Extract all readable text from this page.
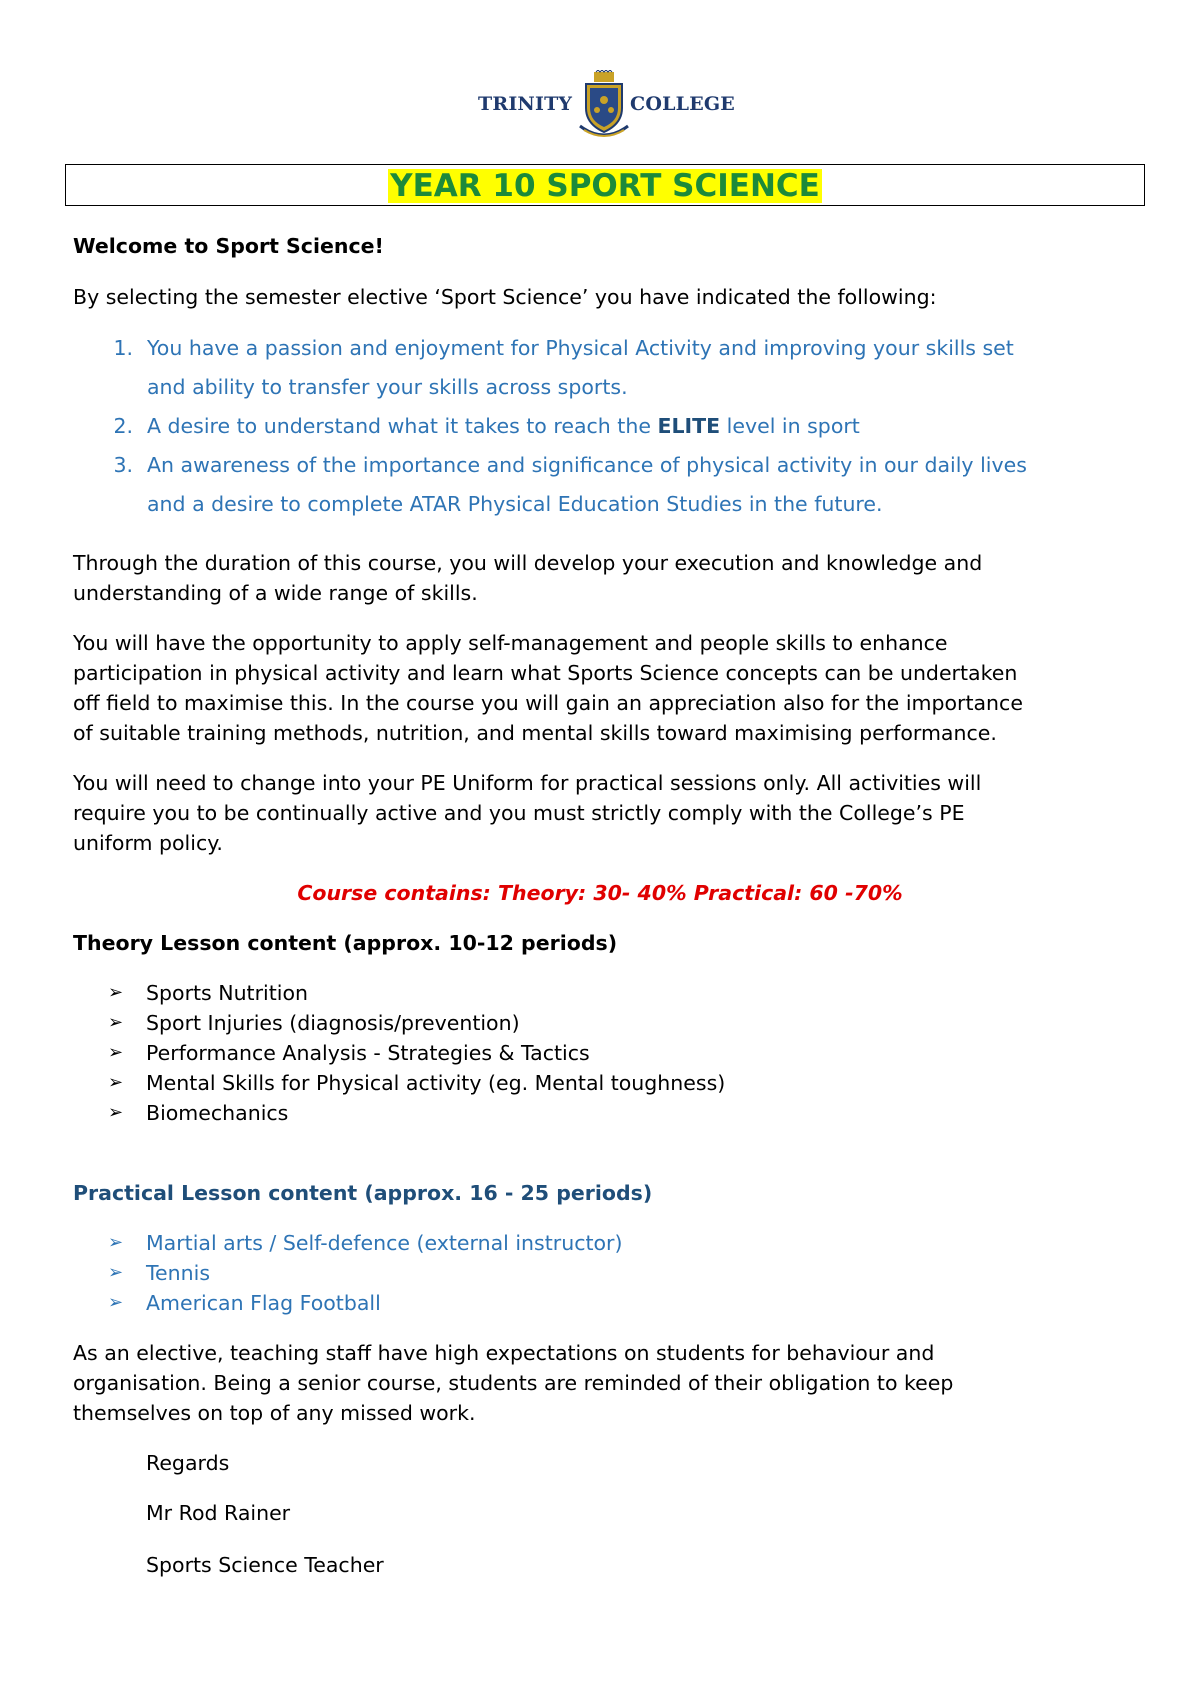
TRINITY	COLLEGE
YEAR 10 SPORT SCIENCE
Welcome to Sport Science!
By selecting the semester elective ‘Sport Science’ you have indicated the following:
1. You have a passion and enjoyment for Physical Activity and improving your skills set
and ability to transfer your skills across sports.
2. A desire to understand what it takes to reach the ELITE level in sport
3. An awareness of the importance and significance of physical activity in our daily lives
and a desire to complete ATAR Physical Education Studies in the future.
Through the duration of this course, you will develop your execution and knowledge and
understanding of a wide range of skills.
You will have the opportunity to apply self-management and people skills to enhance
participation in physical activity and learn what Sports Science concepts can be undertaken
off field to maximise this. In the course you will gain an appreciation also for the importance
of suitable training methods, nutrition, and mental skills toward maximising performance.
You will need to change into your PE Uniform for practical sessions only. All activities will
require you to be continually active and you must strictly comply with the College’s PE
uniform policy.
Course contains: Theory: 30- 40% Practical: 60 -70%
Theory Lesson content (approx. 10-12 periods)
➢ Sports Nutrition
➢ Sport Injuries (diagnosis/prevention)
➢ Performance Analysis - Strategies & Tactics
➢ Mental Skills for Physical activity (eg. Mental toughness)
➢ Biomechanics
Practical Lesson content (approx. 16 - 25 periods)
➢ Martial arts / Self-defence (external instructor)
➢ Tennis
➢ American Flag Football
As an elective, teaching staff have high expectations on students for behaviour and
organisation. Being a senior course, students are reminded of their obligation to keep
themselves on top of any missed work.
Regards
Mr Rod Rainer
Sports Science Teacher
